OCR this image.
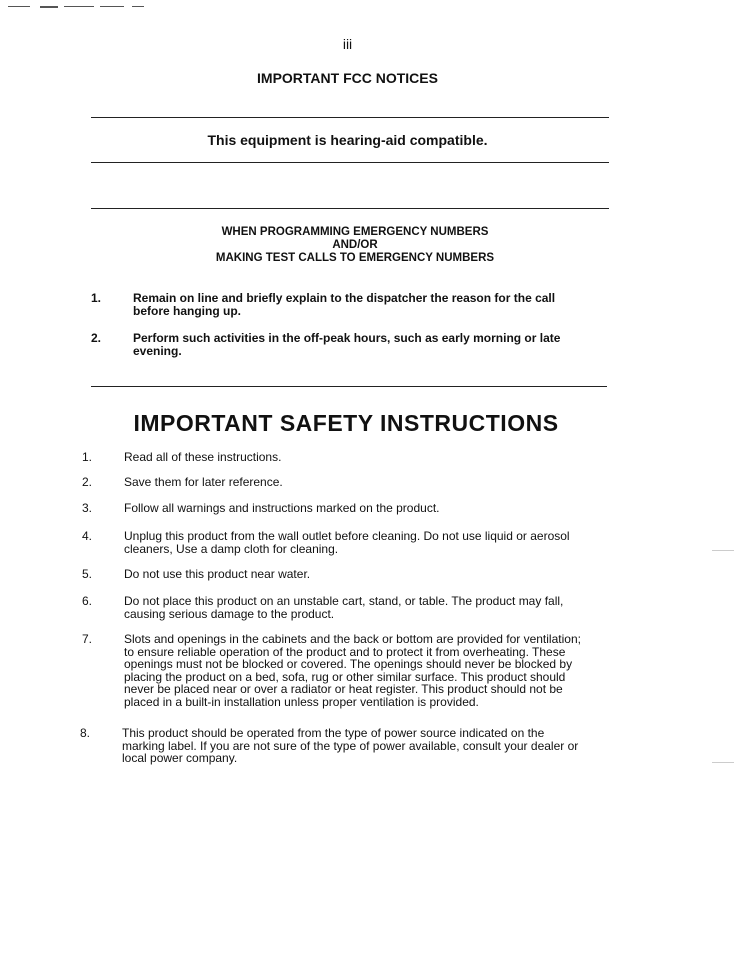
iii
IMPORTANT FCC NOTICES
This equipment is hearing-aid compatible.
WHEN PROGRAMMING EMERGENCY NUMBERS
AND/OR
MAKING TEST CALLS TO EMERGENCY NUMBERS
1.	Remain on line and briefly explain to the dispatcher the reason for the call
before hanging up.
2.	Perform such activities in the off-peak hours, such as early morning or late
evening.
IMPORTANT SAFETY INSTRUCTIONS
1.	Read all of these instructions.
2.	Save them for later reference.
3.	Follow all warnings and instructions marked on the product.
4.	Unplug this product from the wall outlet before cleaning. Do not use liquid or aerosol
cleaners, Use a damp cloth for cleaning.
5.	Do not use this product near water.
6.	Do not place this product on an unstable cart, stand, or table. The product may fall,
causing serious damage to the product.
7.	Slots and openings in the cabinets and the back or bottom are provided for ventilation;
to ensure reliable operation of the product and to protect it from overheating. These
openings must not be blocked or covered. The openings should never be blocked by
placing the product on a bed, sofa, rug or other similar surface. This product should
never be placed near or over a radiator or heat register. This product should not be
placed in a built-in installation unless proper ventilation is provided.
8.	This product should be operated from the type of power source indicated on the
marking label. If you are not sure of the type of power available, consult your dealer or
local power company.
